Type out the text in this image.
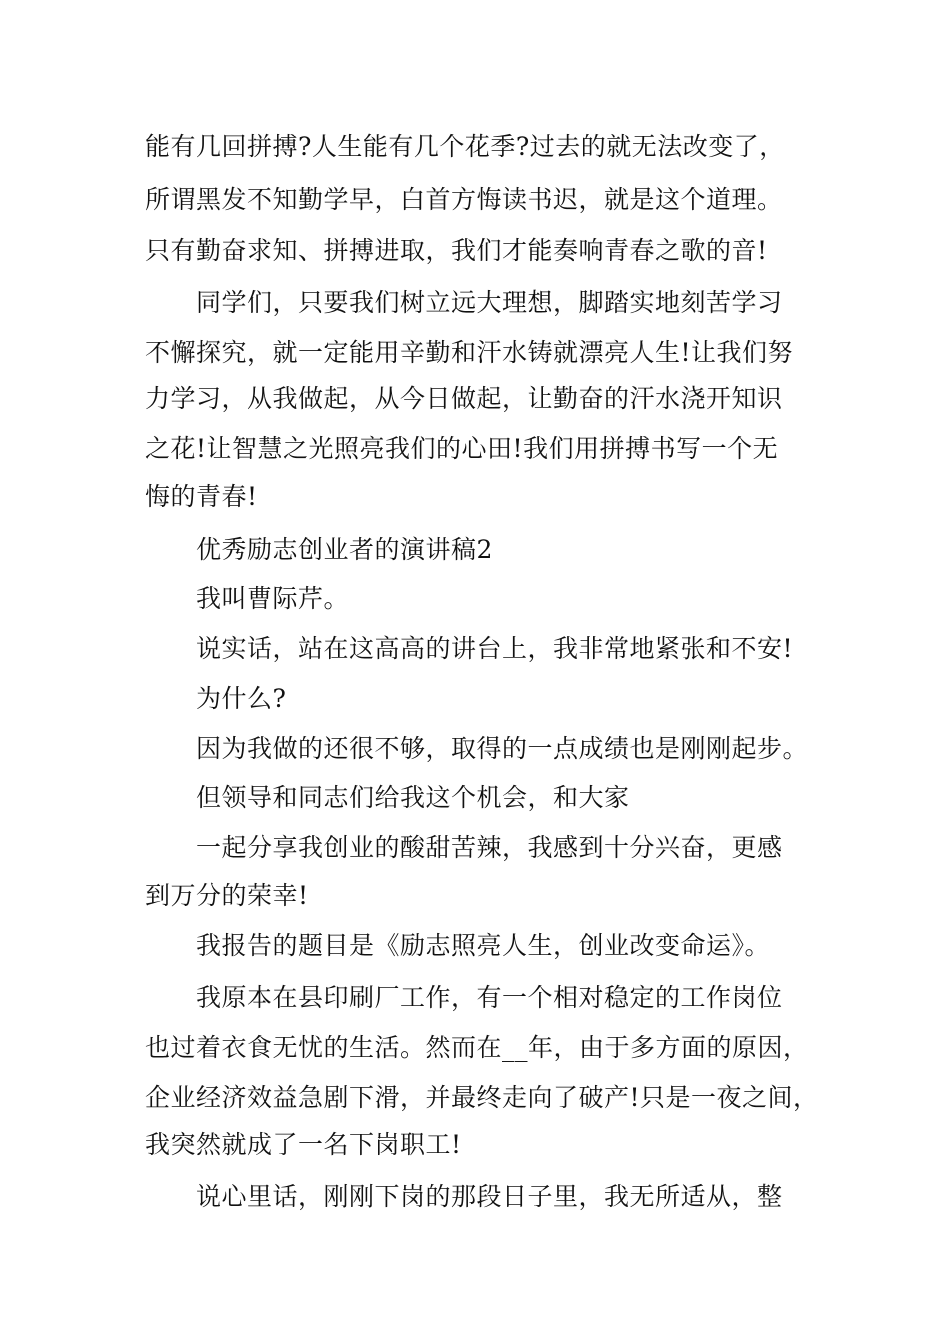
能有几回拼搏?人生能有几个花季?过去的就无法改变了，
所谓黑发不知勤学早，白首方悔读书迟，就是这个道理。
只有勤奋求知、拼搏进取，我们才能奏响青春之歌的音!
同学们，只要我们树立远大理想，脚踏实地刻苦学习
不懈探究，就一定能用辛勤和汗水铸就漂亮人生!让我们努
力学习，从我做起，从今日做起，让勤奋的汗水浇开知识
之花!让智慧之光照亮我们的心田!我们用拼搏书写一个无
悔的青春!
优秀励志创业者的演讲稿2
我叫曹际芹。
说实话，站在这高高的讲台上，我非常地紧张和不安!
为什么?
因为我做的还很不够，取得的一点成绩也是刚刚起步。
但领导和同志们给我这个机会，和大家
一起分享我创业的酸甜苦辣，我感到十分兴奋，更感
到万分的荣幸!
我报告的题目是《励志照亮人生，创业改变命运》。
我原本在县印刷厂工作，有一个相对稳定的工作岗位
也过着衣食无忧的生活。然而在__年，由于多方面的原因，
企业经济效益急剧下滑，并最终走向了破产!只是一夜之间，
我突然就成了一名下岗职工!
说心里话，刚刚下岗的那段日子里，我无所适从，整
